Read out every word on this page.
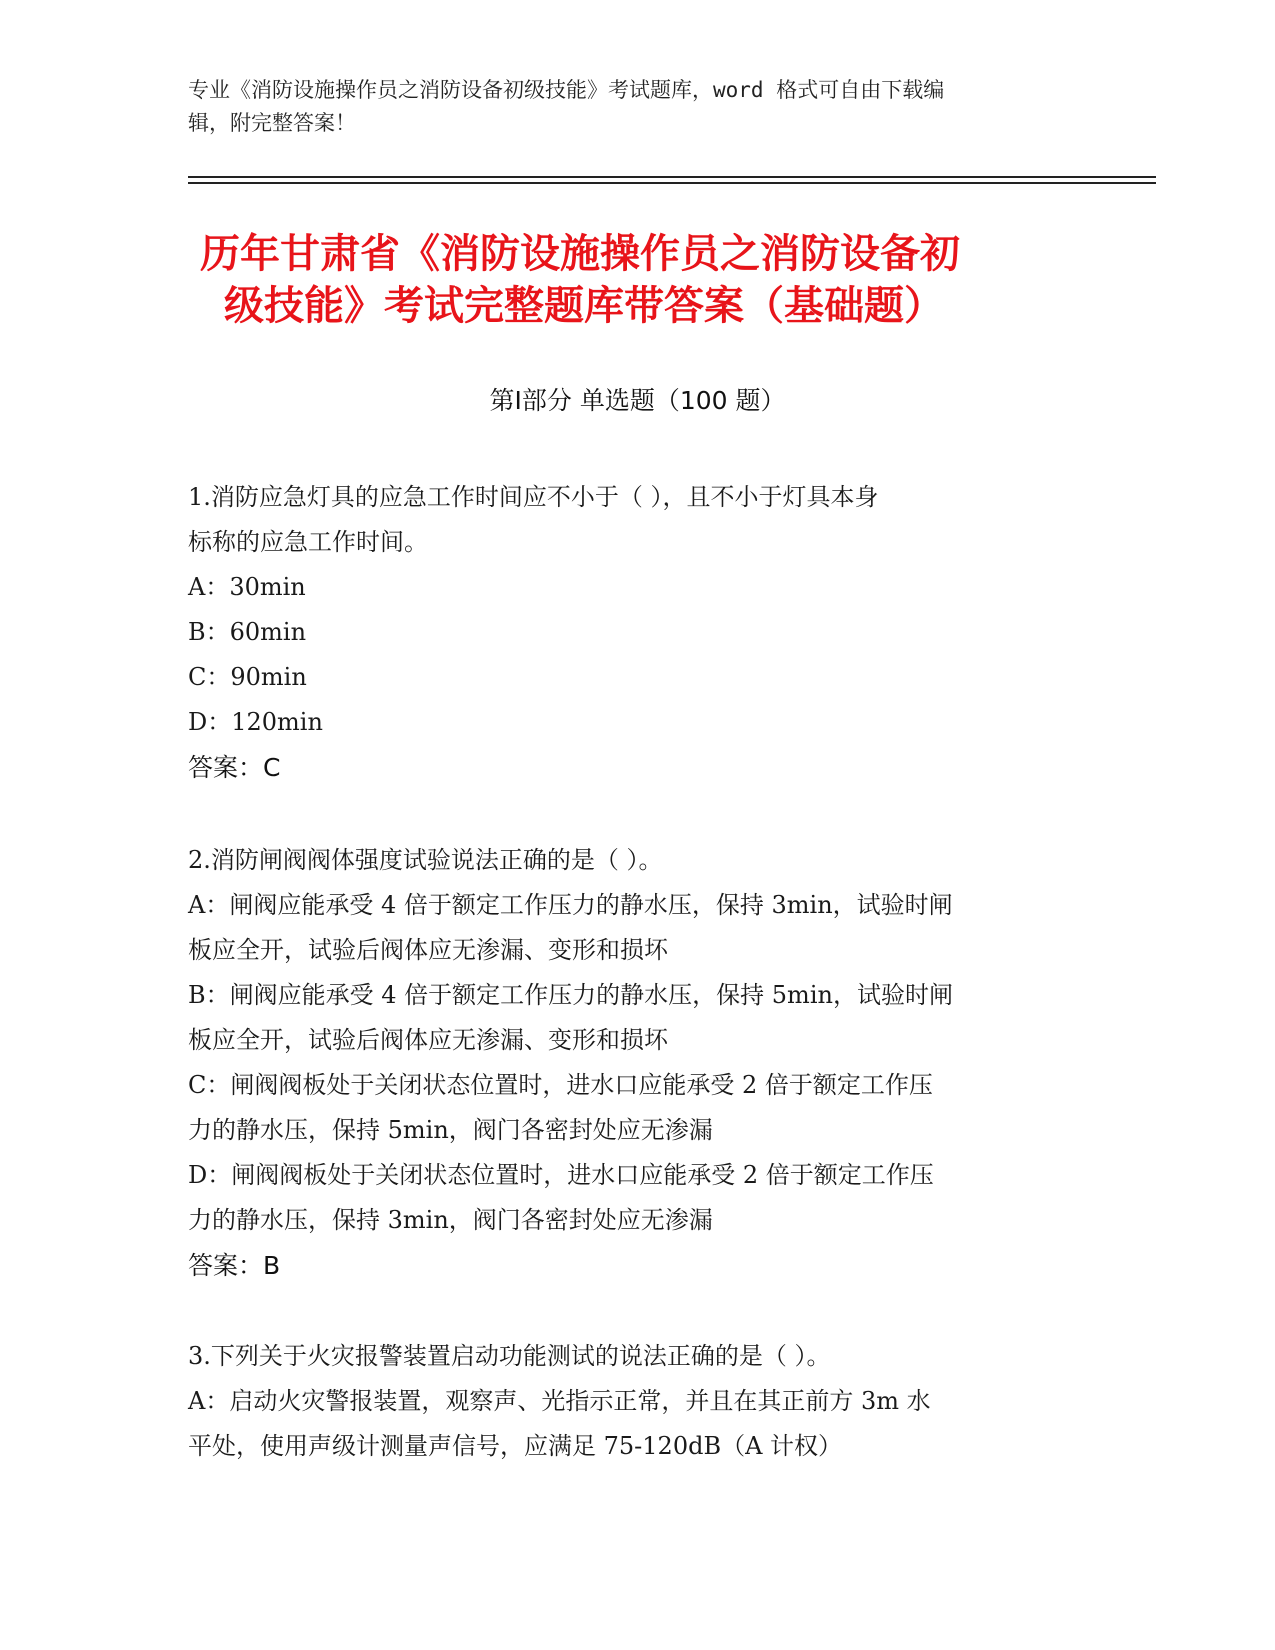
专业《消防设施操作员之消防设备初级技能》考试题库，word 格式可自由下载编
辑，附完整答案！
历年甘肃省《消防设施操作员之消防设备初
级技能》考试完整题库带答案（基础题）
第Ⅰ部分 单选题（100 题）
1.消防应急灯具的应急工作时间应不小于（ ），且不小于灯具本身
标称的应急工作时间。
A：30min
B：60min
C：90min
D：120min
答案：C
2.消防闸阀阀体强度试验说法正确的是（ ）。
A：闸阀应能承受 4 倍于额定工作压力的静水压，保持 3min，试验时闸
板应全开，试验后阀体应无渗漏、变形和损坏
B：闸阀应能承受 4 倍于额定工作压力的静水压，保持 5min，试验时闸
板应全开，试验后阀体应无渗漏、变形和损坏
C：闸阀阀板处于关闭状态位置时，进水口应能承受 2 倍于额定工作压
力的静水压，保持 5min，阀门各密封处应无渗漏
D：闸阀阀板处于关闭状态位置时，进水口应能承受 2 倍于额定工作压
力的静水压，保持 3min，阀门各密封处应无渗漏
答案：B
3.下列关于火灾报警装置启动功能测试的说法正确的是（ ）。
A：启动火灾警报装置，观察声、光指示正常，并且在其正前方 3m 水
平处，使用声级计测量声信号，应满足 75-120dB（A 计权）
